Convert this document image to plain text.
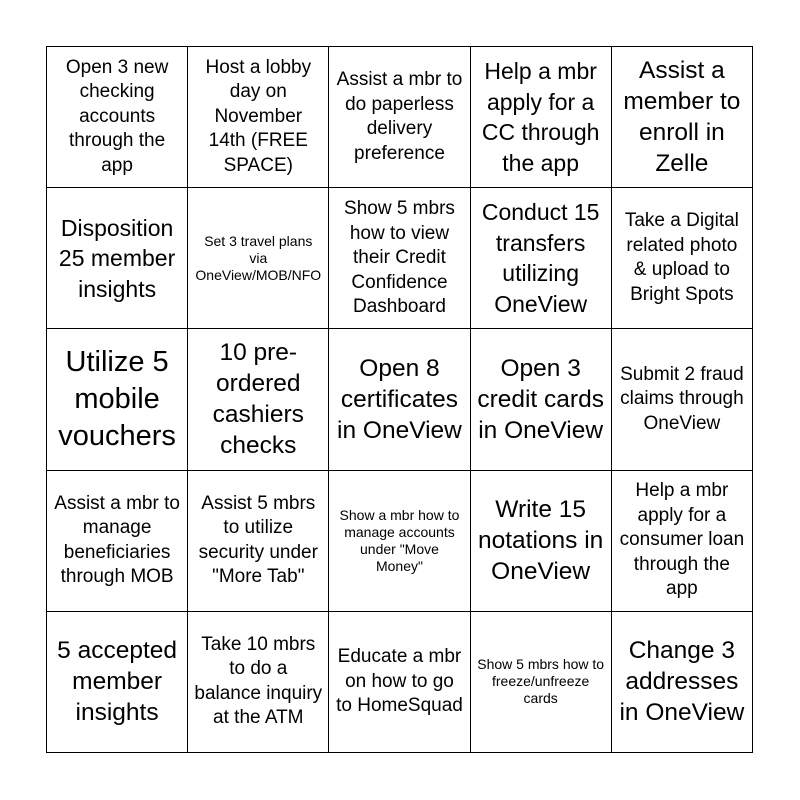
Open 3 new checking accounts through the app	Host a lobby day on November 14th (FREE SPACE)	Assist a mbr to do paperless delivery preference	Help a mbr apply for a CC through the app	Assist a member to enroll in Zelle
Disposition 25 member insights	Set 3 travel plans via OneView/MOB/NFO	Show 5 mbrs how to view their Credit Confidence Dashboard	Conduct 15 transfers utilizing OneView	Take a Digital related photo & upload to Bright Spots
Utilize 5 mobile vouchers	10 pre-ordered cashiers checks	Open 8 certificates in OneView	Open 3 credit cards in OneView	Submit 2 fraud claims through OneView
Assist a mbr to manage beneficiaries through MOB	Assist 5 mbrs to utilize security under "More Tab"	Show a mbr how to manage accounts under "Move Money"	Write 15 notations in OneView	Help a mbr apply for a consumer loan through the app
5 accepted member insights	Take 10 mbrs to do a balance inquiry at the ATM	Educate a mbr on how to go to HomeSquad	Show 5 mbrs how to freeze/unfreeze cards	Change 3 addresses in OneView
